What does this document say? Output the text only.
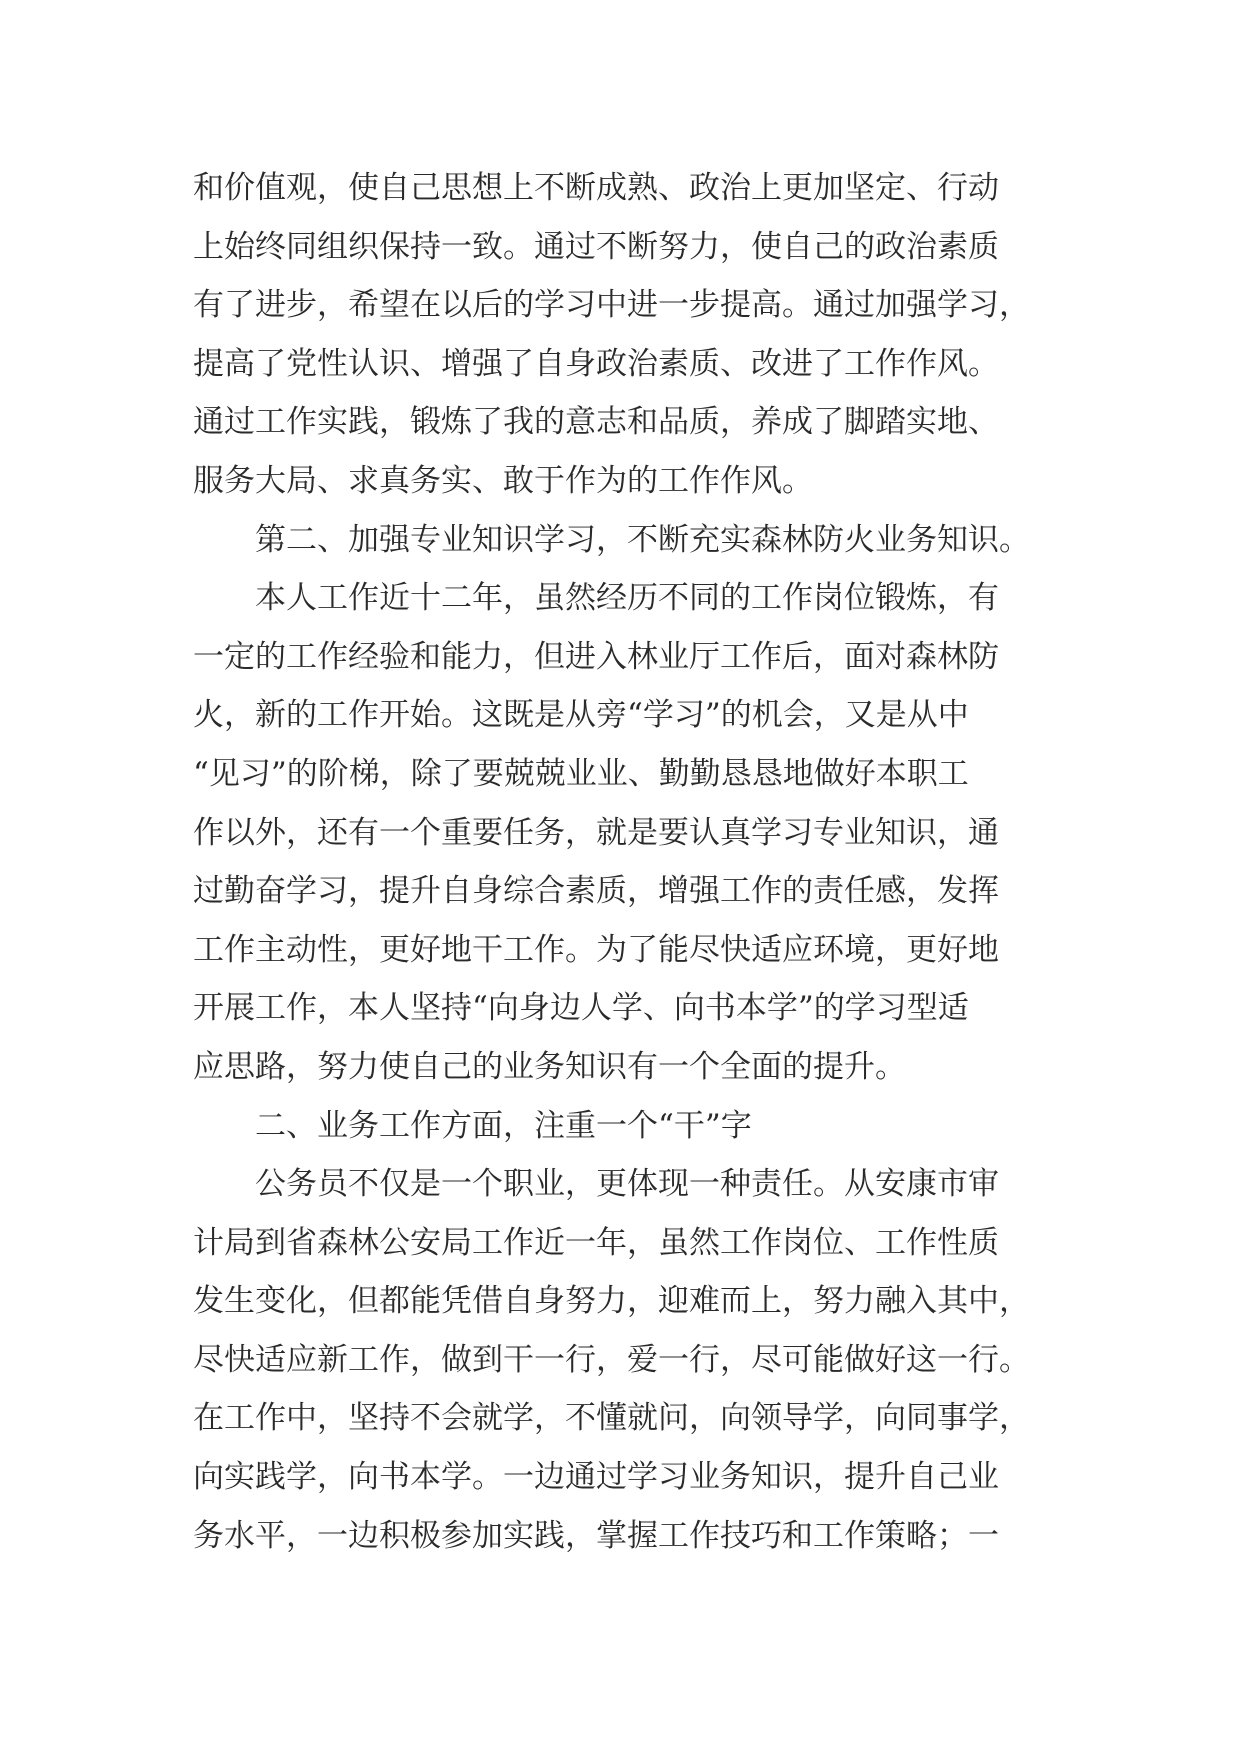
和价值观，使自己思想上不断成熟、政治上更加坚定、行动
上始终同组织保持一致。通过不断努力，使自己的政治素质
有了进步，希望在以后的学习中进一步提高。通过加强学习，
提高了党性认识、增强了自身政治素质、改进了工作作风。
通过工作实践，锻炼了我的意志和品质，养成了脚踏实地、
服务大局、求真务实、敢于作为的工作作风。
第二、加强专业知识学习，不断充实森林防火业务知识。
本人工作近十二年，虽然经历不同的工作岗位锻炼，有
一定的工作经验和能力，但进入林业厅工作后，面对森林防
火，新的工作开始。这既是从旁“学习”的机会，又是从中
“见习”的阶梯，除了要兢兢业业、勤勤恳恳地做好本职工
作以外，还有一个重要任务，就是要认真学习专业知识，通
过勤奋学习，提升自身综合素质，增强工作的责任感，发挥
工作主动性，更好地干工作。为了能尽快适应环境，更好地
开展工作，本人坚持“向身边人学、向书本学”的学习型适
应思路，努力使自己的业务知识有一个全面的提升。
二、业务工作方面，注重一个“干”字
公务员不仅是一个职业，更体现一种责任。从安康市审
计局到省森林公安局工作近一年，虽然工作岗位、工作性质
发生变化，但都能凭借自身努力，迎难而上，努力融入其中，
尽快适应新工作，做到干一行，爱一行，尽可能做好这一行。
在工作中，坚持不会就学，不懂就问，向领导学，向同事学，
向实践学，向书本学。一边通过学习业务知识，提升自己业
务水平，一边积极参加实践，掌握工作技巧和工作策略；一
